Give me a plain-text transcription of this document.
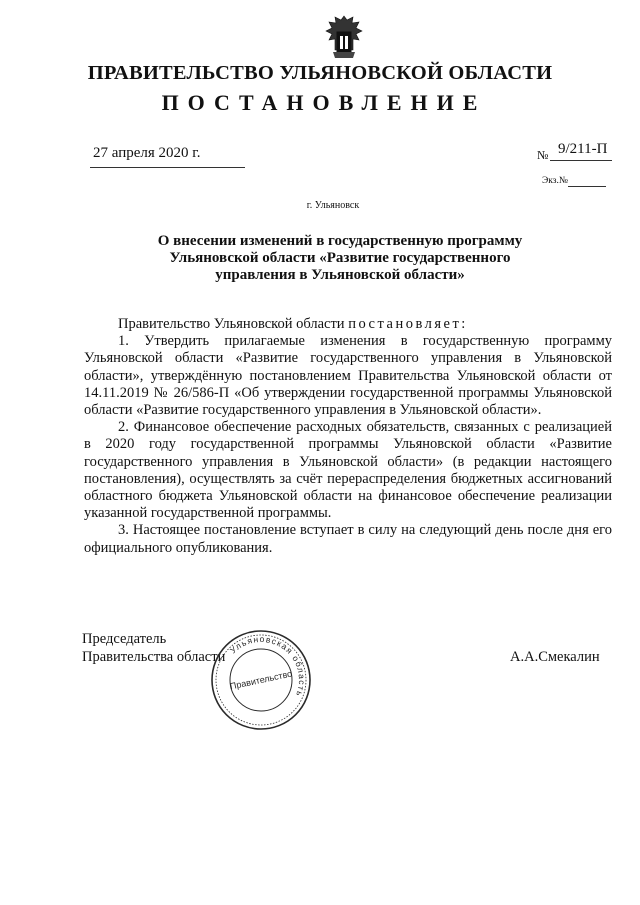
ПРАВИТЕЛЬСТВО УЛЬЯНОВСКОЙ ОБЛАСТИ
ПОСТАНОВЛЕНИЕ
27 апреля 2020 г.	№ 9/211-П
Экз.№
г. Ульяновск
О внесении изменений в государственную программу
Ульяновской области «Развитие государственного
управления в Ульяновской области»

Правительство Ульяновской области постановляет:

1. Утвердить прилагаемые изменения в государственную программу Ульяновской области «Развитие государственного управления в Ульяновской области», утверждённую постановлением Правительства Ульяновской области от 14.11.2019 № 26/586-П «Об утверждении государственной программы Ульяновской области «Развитие государственного управления в Ульяновской области».

2. Финансовое обеспечение расходных обязательств, связанных с реализацией в 2020 году государственной программы Ульяновской области «Развитие государственного управления в Ульяновской области» (в редакции настоящего постановления), осуществлять за счёт перераспределения бюджетных ассигнований областного бюджета Ульяновской области на финансовое обеспечение реализации указанной государственной программы.

3. Настоящее постановление вступает в силу на следующий день после дня его официального опубликования.

Председатель
Правительства области	А.А.Смекалин
Ульяновская область
Правительство
